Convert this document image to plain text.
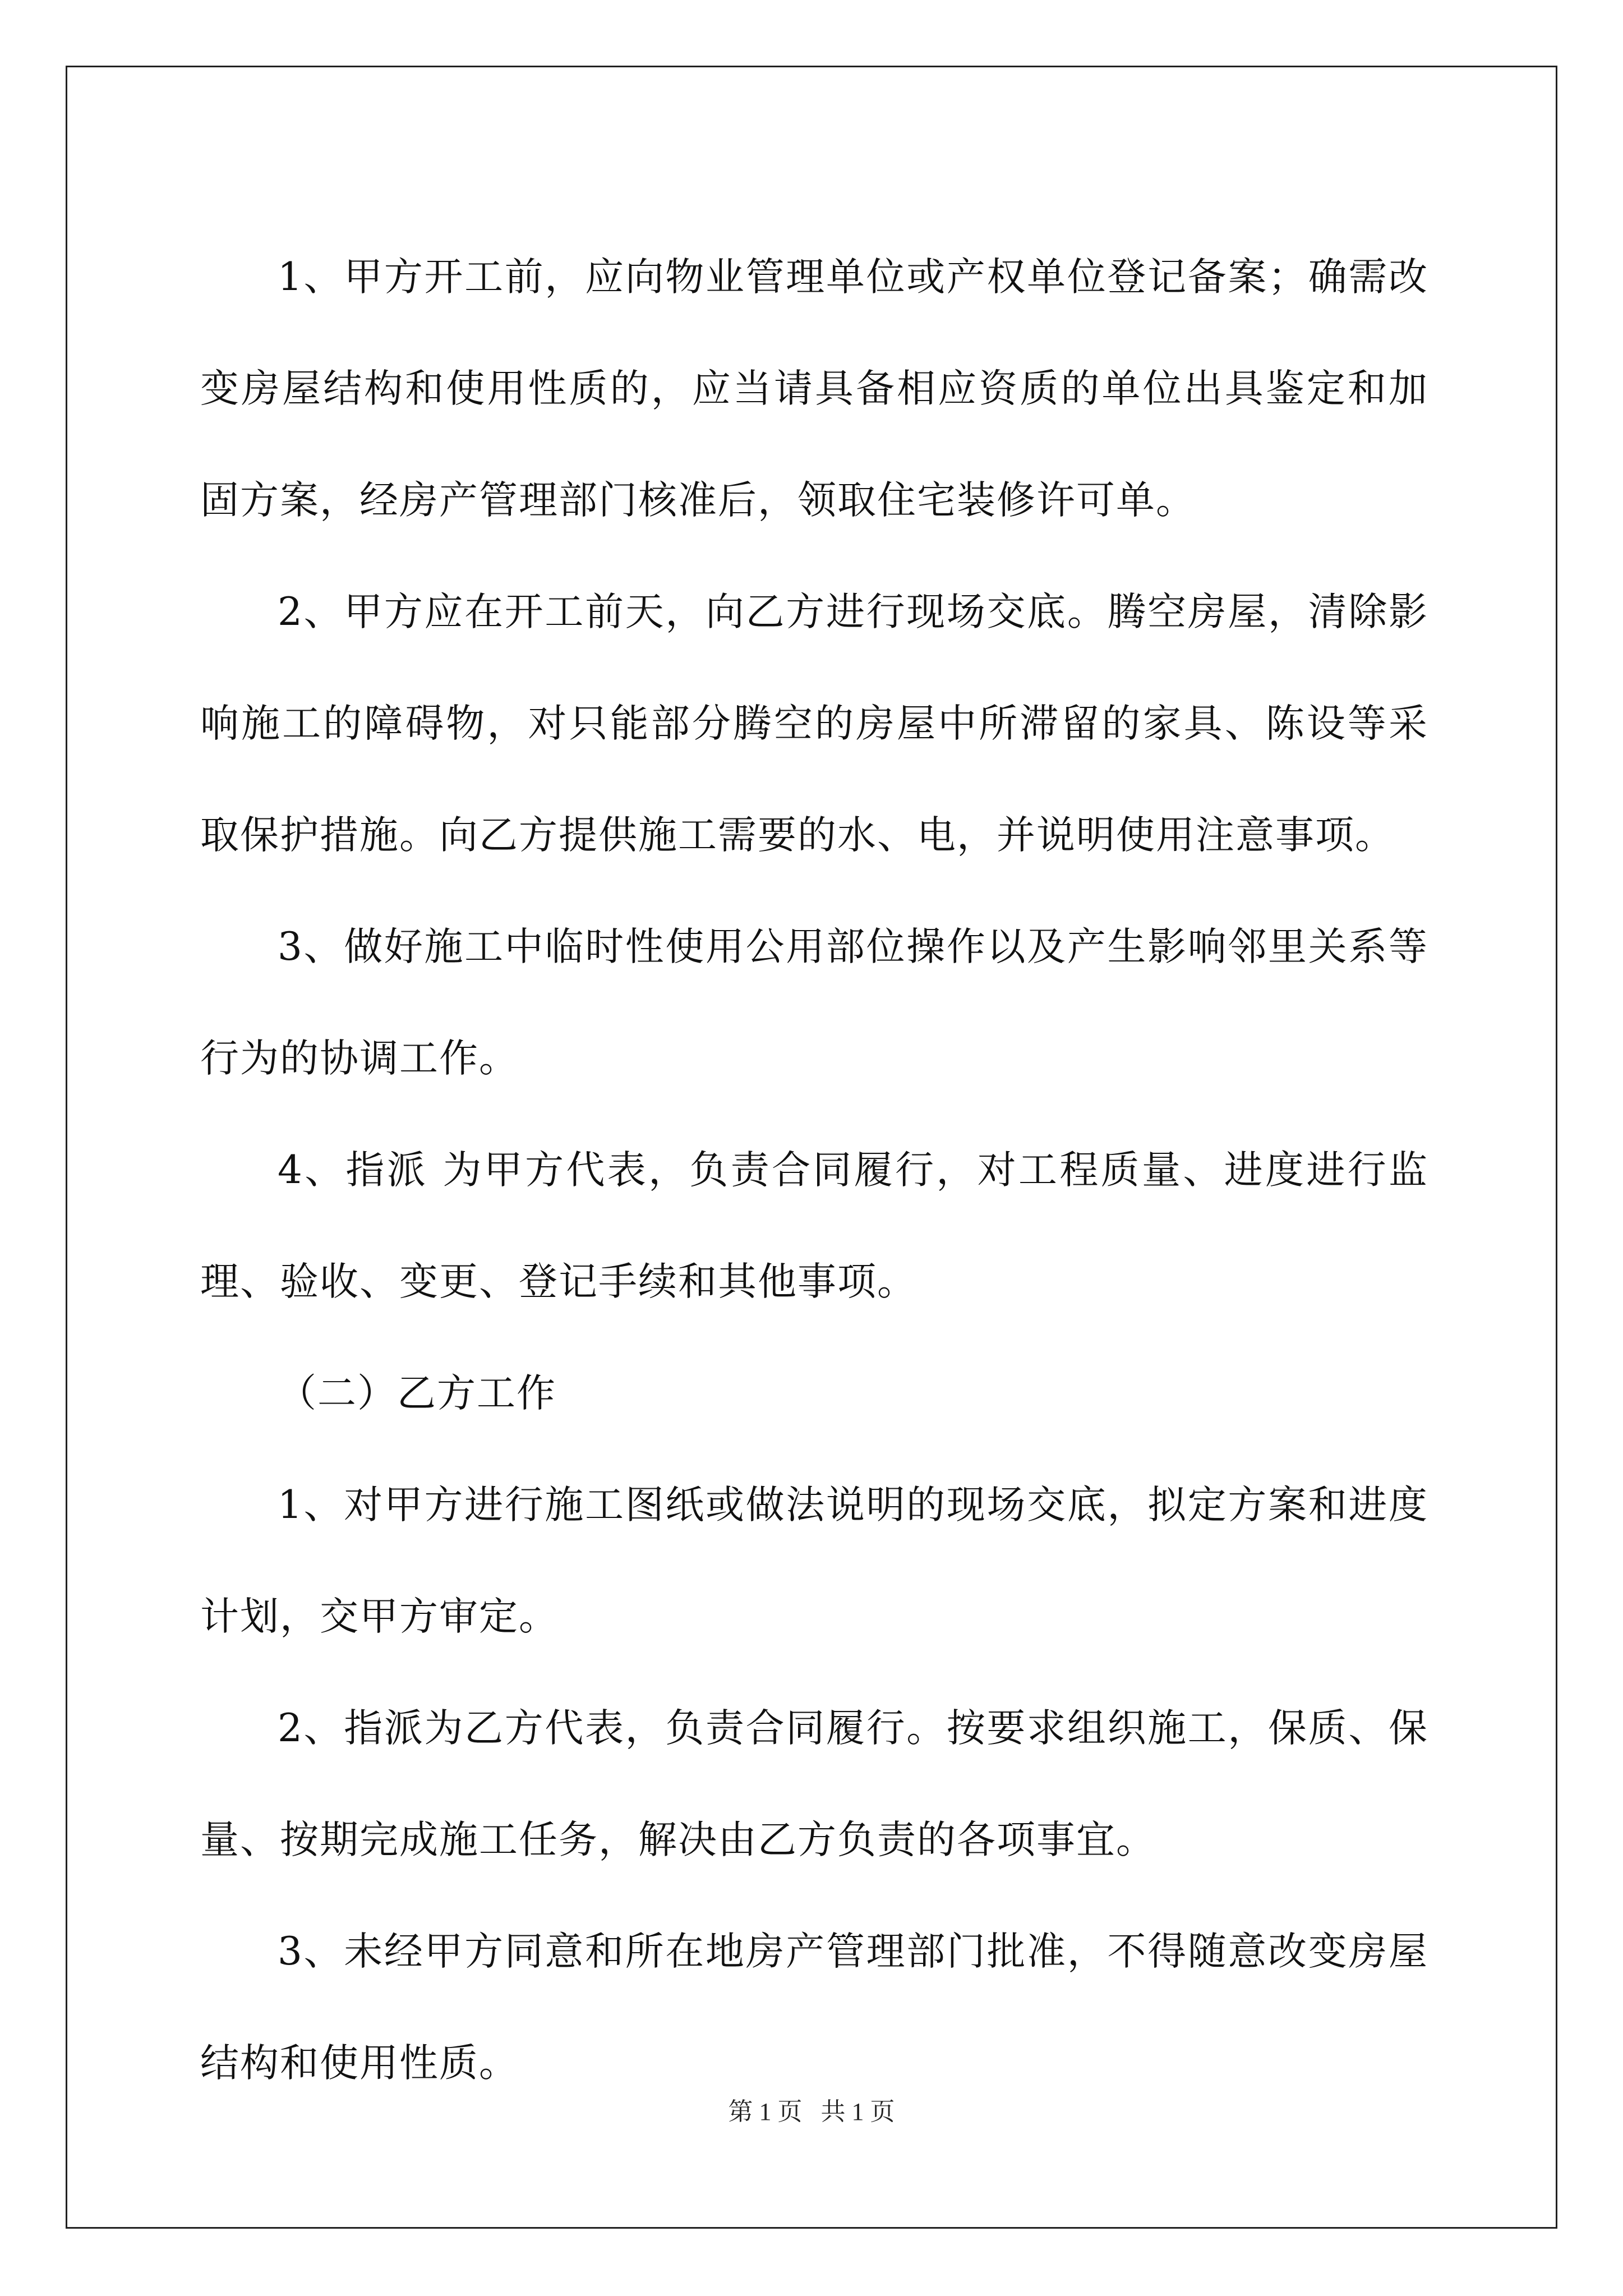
1、甲方开工前，应向物业管理单位或产权单位登记备案；确需改变房屋结构和使用性质的，应当请具备相应资质的单位出具鉴定和加固方案，经房产管理部门核准后，领取住宅装修许可单。

2、甲方应在开工前天，向乙方进行现场交底。腾空房屋，清除影响施工的障碍物，对只能部分腾空的房屋中所滞留的家具、陈设等采取保护措施。向乙方提供施工需要的水、电，并说明使用注意事项。

3、做好施工中临时性使用公用部位操作以及产生影响邻里关系等行为的协调工作。

4、指派 为甲方代表，负责合同履行，对工程质量、进度进行监理、验收、变更、登记手续和其他事项。

（二）乙方工作

1、对甲方进行施工图纸或做法说明的现场交底，拟定方案和进度计划，交甲方审定。

2、指派为乙方代表，负责合同履行。按要求组织施工，保质、保量、按期完成施工任务，解决由乙方负责的各项事宜。

3、未经甲方同意和所在地房产管理部门批准，不得随意改变房屋结构和使用性质。

第 1 页   共 1 页
